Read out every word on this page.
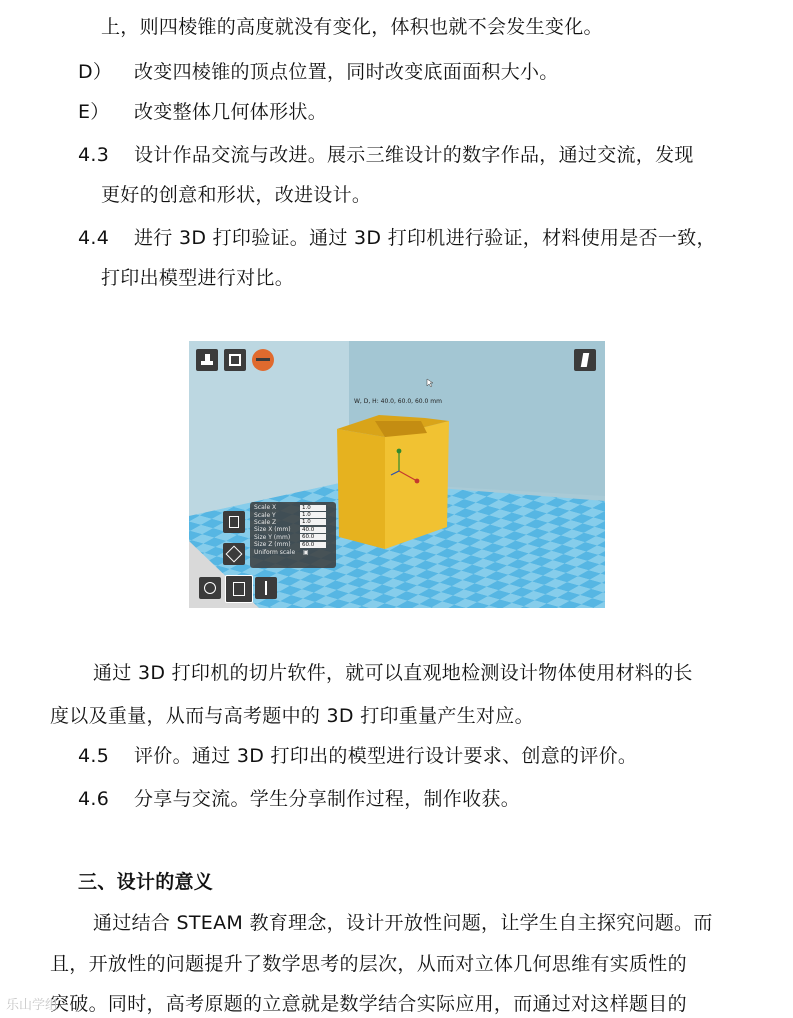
上，则四棱锥的高度就没有变化，体积也就不会发生变化。
D） 改变四棱锥的顶点位置，同时改变底面面积大小。
E） 改变整体几何体形状。
4.3 设计作品交流与改进。展示三维设计的数字作品，通过交流，发现
更好的创意和形状，改进设计。
4.4 进行 3D 打印验证。通过 3D 打印机进行验证，材料使用是否一致，
打印出模型进行对比。
W, D, H: 40.0, 60.0, 60.0 mm
Scale X	1.0
Scale Y	1.0
Scale Z	1.0
Size X (mm)	40.0
Size Y (mm)	60.0
Size Z (mm)	60.0
Uniform scale	▣
通过 3D 打印机的切片软件，就可以直观地检测设计物体使用材料的长
度以及重量，从而与高考题中的 3D 打印重量产生对应。
4.5 评价。通过 3D 打印出的模型进行设计要求、创意的评价。
4.6 分享与交流。学生分享制作过程，制作收获。
三、设计的意义
通过结合 STEAM 教育理念，设计开放性问题，让学生自主探究问题。而
且，开放性的问题提升了数学思考的层次，从而对立体几何思维有实质性的
突破。同时，高考原题的立意就是数学结合实际应用，而通过对这样题目的
乐山学组
